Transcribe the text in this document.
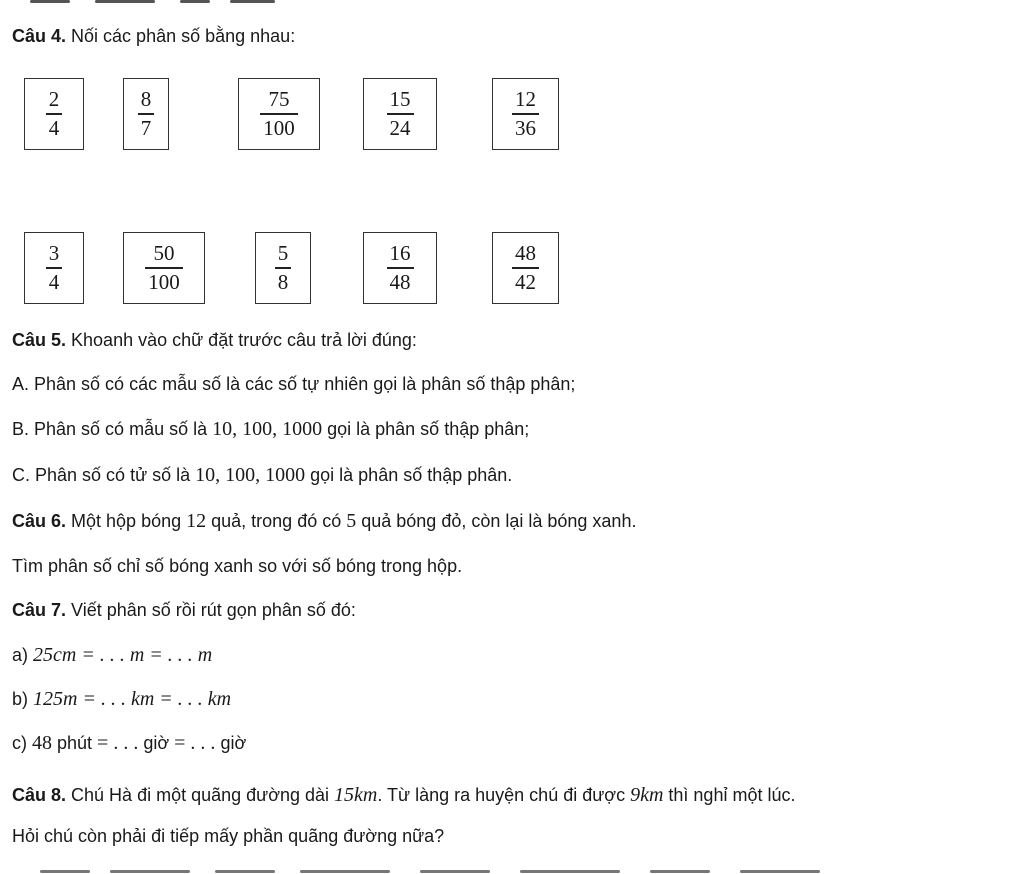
Câu 4. Nối các phân số bằng nhau:
$\frac{2}{4}$	$\frac{8}{7}$	$\frac{75}{100}$	$\frac{15}{24}$	$\frac{12}{36}$
$\frac{3}{4}$	$\frac{50}{100}$	$\frac{5}{8}$	$\frac{16}{48}$	$\frac{48}{42}$
Câu 5. Khoanh vào chữ đặt trước câu trả lời đúng:
A. Phân số có các mẫu số là các số tự nhiên gọi là phân số thập phân;
B. Phân số có mẫu số là 10, 100, 1000 gọi là phân số thập phân;
C. Phân số có tử số là 10, 100, 1000 gọi là phân số thập phân.
Câu 6. Một hộp bóng 12 quả, trong đó có 5 quả bóng đỏ, còn lại là bóng xanh.
Tìm phân số chỉ số bóng xanh so với số bóng trong hộp.
Câu 7. Viết phân số rồi rút gọn phân số đó:
a) 25cm = . . . m = . . . m
b) 125m = . . . km = . . . km
c) 48 phút = . . . giờ = . . . giờ
Câu 8. Chú Hà đi một quãng đường dài 15km. Từ làng ra huyện chú đi được 9km thì nghỉ một lúc.
Hỏi chú còn phải đi tiếp mấy phần quãng đường nữa?
